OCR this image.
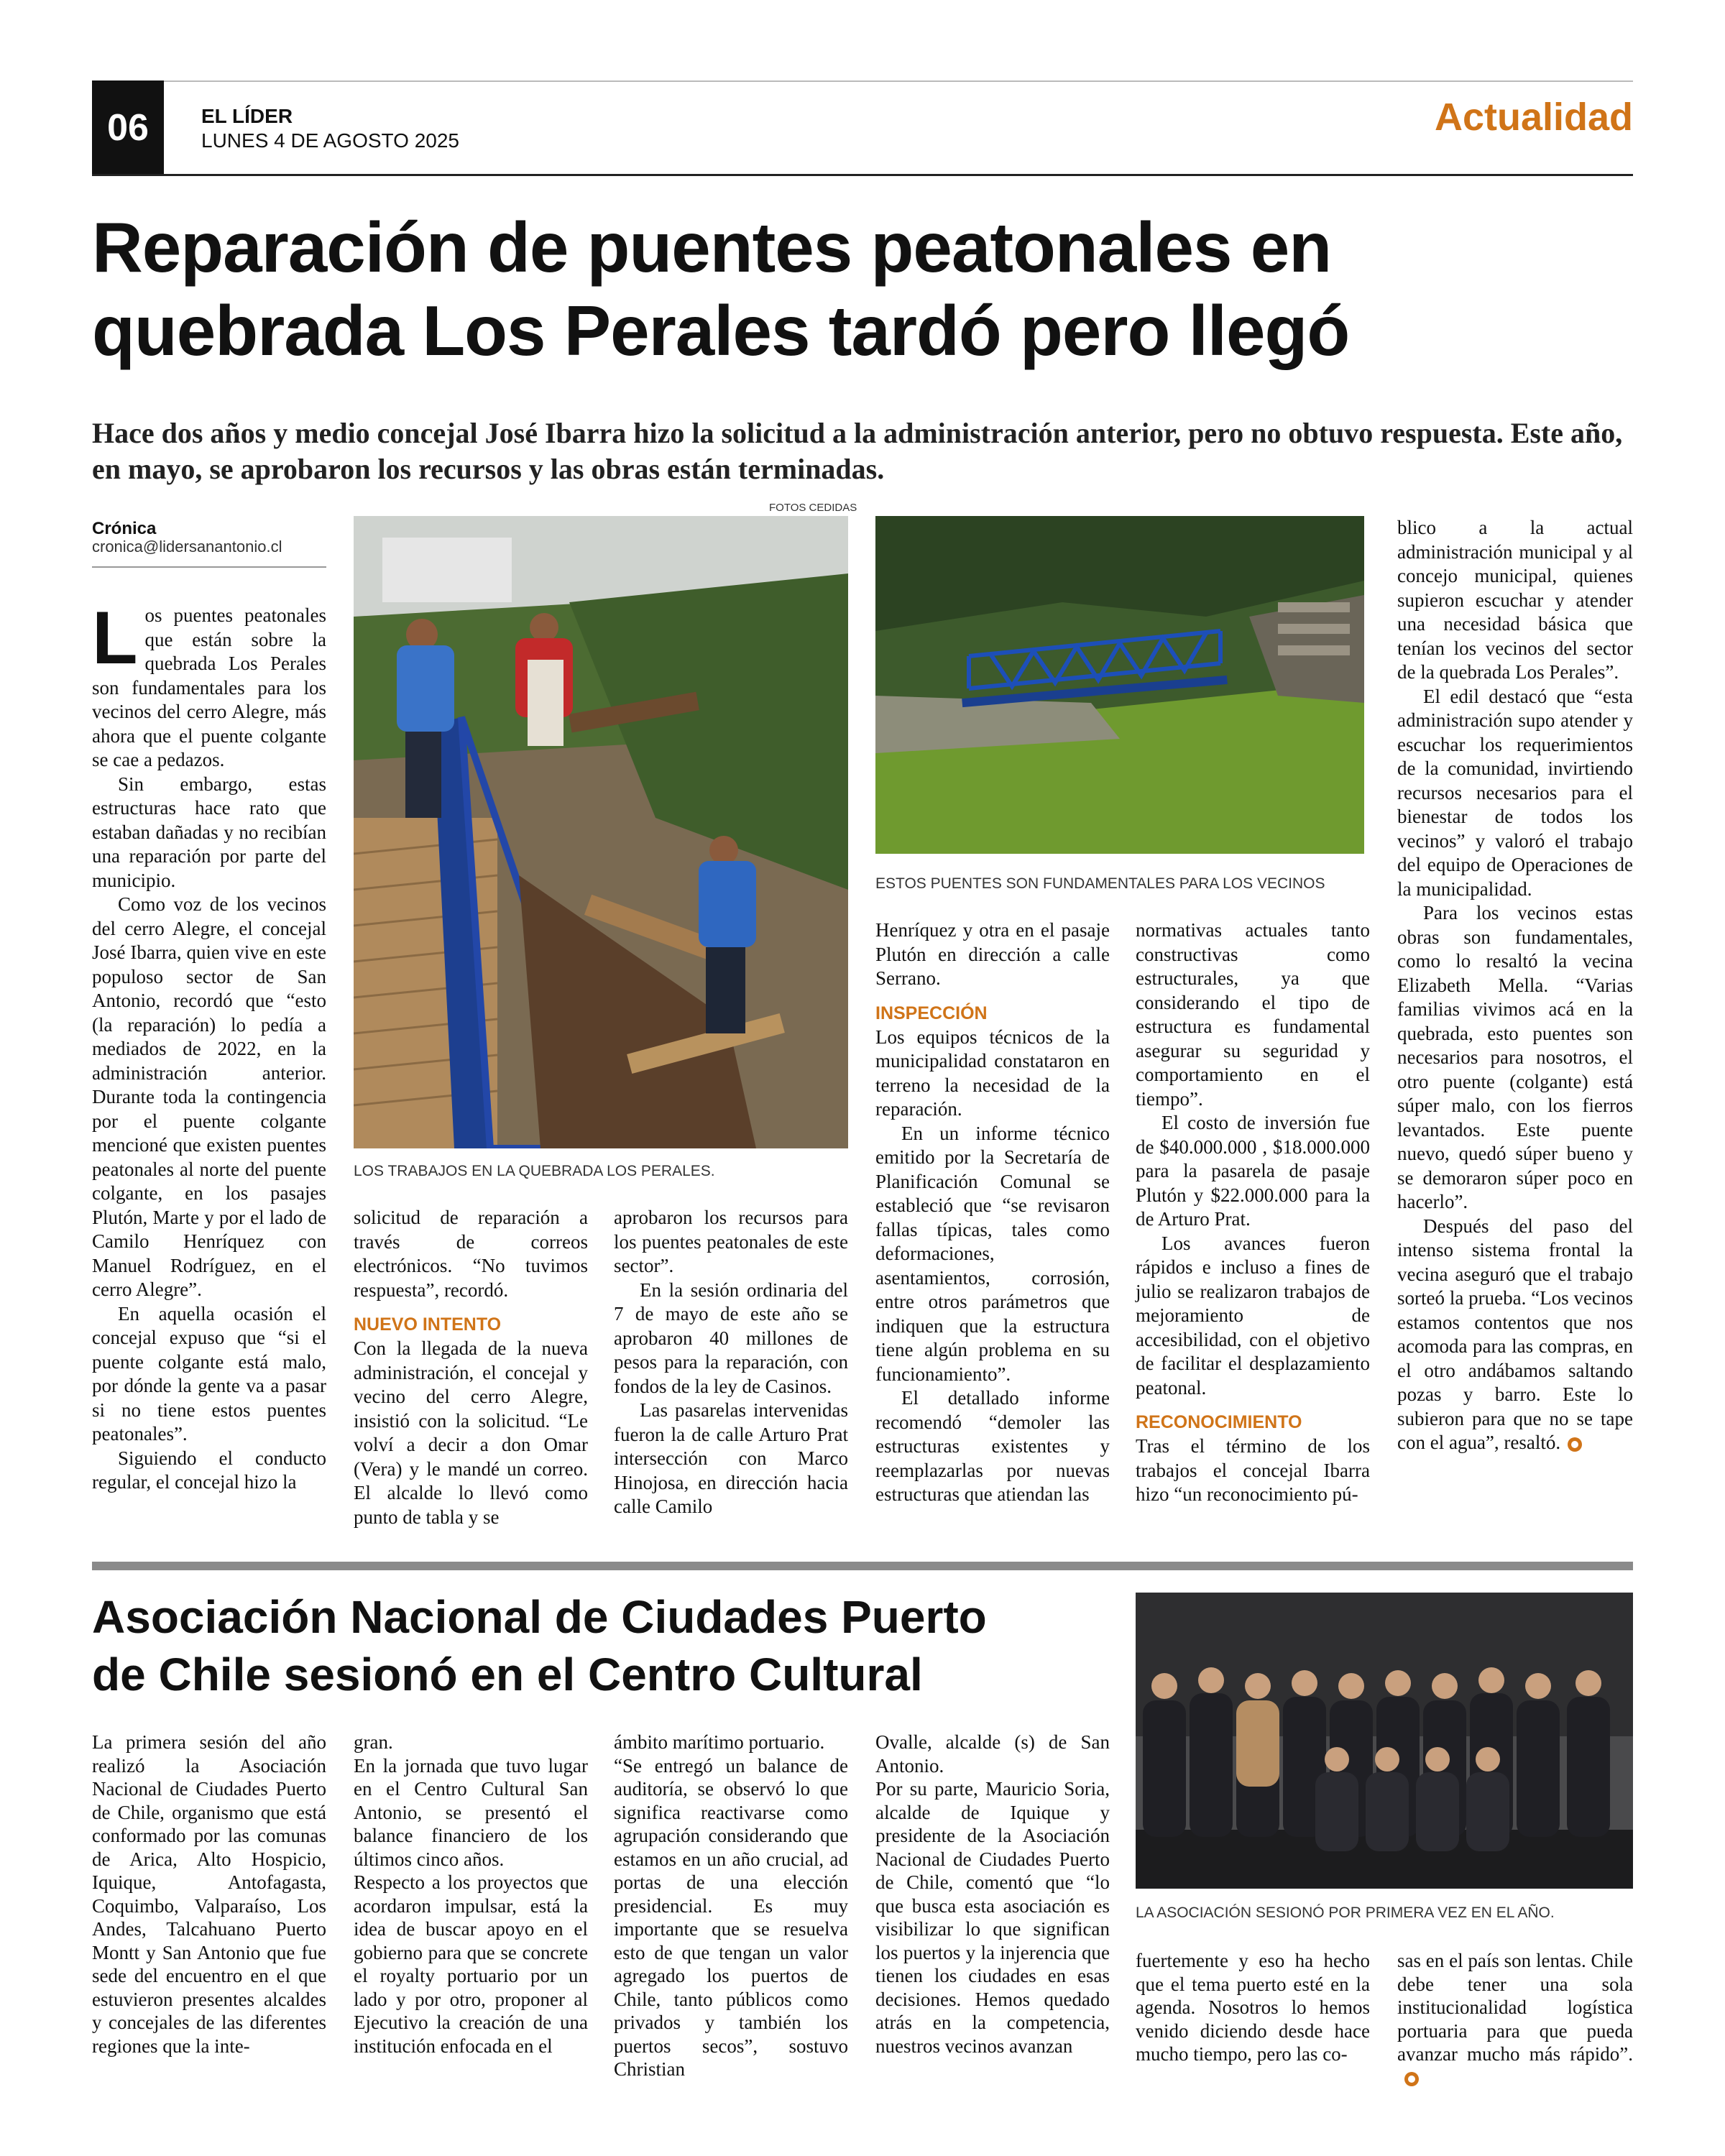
06	EL LÍDER
LUNES 4 DE AGOSTO 2025
Actualidad
Reparación de puentes peatonales en
quebrada Los Perales tardó pero llegó
Hace dos años y medio concejal José Ibarra hizo la solicitud a la administración anterior, pero no obtuvo respuesta. Este año, en mayo, se aprobaron los recursos y las obras están terminadas.
Crónica
cronica@lidersanantonio.cl

Los puentes peatonales que están sobre la quebrada Los Perales son fundamentales para los vecinos del cerro Alegre, más ahora que el puente colgante se cae a pedazos.

Sin embargo, estas estructuras hace rato que estaban dañadas y no recibían una reparación por parte del municipio.

Como voz de los vecinos del cerro Alegre, el concejal José Ibarra, quien vive en este populoso sector de San Antonio, recordó que “esto (la reparación) lo pedía a mediados de 2022, en la administración anterior. Durante toda la contingencia por el puente colgante mencioné que existen puentes peatonales al norte del puente colgante, en los pasajes Plutón, Marte y por el lado de Camilo Henríquez con Manuel Rodríguez, en el cerro Alegre”.

En aquella ocasión el concejal expuso que “si el puente colgante está malo, por dónde la gente va a pasar si no tiene estos puentes peatonales”.

Siguiendo el conducto regular, el concejal hizo la

FOTOS CEDIDAS
LOS TRABAJOS EN LA QUEBRADA LOS PERALES.
ESTOS PUENTES SON FUNDAMENTALES PARA LOS VECINOS

solicitud de reparación a través de correos electrónicos. “No tuvimos respuesta”, recordó.

NUEVO INTENTO

Con la llegada de la nueva administración, el concejal y vecino del cerro Alegre, insistió con la solicitud. “Le volví a decir a don Omar (Vera) y le mandé un correo. El alcalde lo llevó como punto de tabla y se

aprobaron los recursos para los puentes peatonales de este sector”.

En la sesión ordinaria del 7 de mayo de este año se aprobaron 40 millones de pesos para la reparación, con fondos de la ley de Casinos.

Las pasarelas intervenidas fueron la de calle Arturo Prat intersección con Marco Hinojosa, en dirección hacia calle Camilo

Henríquez y otra en el pasaje Plutón en dirección a calle Serrano.

INSPECCIÓN

Los equipos técnicos de la municipalidad constataron en terreno la necesidad de la reparación.

En un informe técnico emitido por la Secretaría de Planificación Comunal se estableció que “se revisaron fallas típicas, tales como deformaciones, asentamientos, corrosión, entre otros parámetros que indiquen que la estructura tiene algún problema en su funcionamiento”.

El detallado informe recomendó “demoler las estructuras existentes y reemplazarlas por nuevas estructuras que atiendan las

normativas actuales tanto constructivas como estructurales, ya que considerando el tipo de estructura es fundamental asegurar su seguridad y comportamiento en el tiempo”.

El costo de inversión fue de $40.000.000 , $18.000.000 para la pasarela de pasaje Plutón y $22.000.000 para la de Arturo Prat.

Los avances fueron rápidos e incluso a fines de julio se realizaron trabajos de mejoramiento de accesibilidad, con el objetivo de facilitar el desplazamiento peatonal.

RECONOCIMIENTO

Tras el término de los trabajos el concejal Ibarra hizo “un reconocimiento pú-

blico a la actual administración municipal y al concejo municipal, quienes supieron escuchar y atender una necesidad básica que tenían los vecinos del sector de la quebrada Los Perales”.

El edil destacó que “esta administración supo atender y escuchar los requerimientos de la comunidad, invirtiendo recursos necesarios para el bienestar de todos los vecinos” y valoró el trabajo del equipo de Operaciones de la municipalidad.

Para los vecinos estas obras son fundamentales, como lo resaltó la vecina Elizabeth Mella. “Varias familias vivimos acá en la quebrada, esto puentes son necesarios para nosotros, el otro puente (colgante) está súper malo, con los fierros levantados. Este puente nuevo, quedó súper bueno y se demoraron súper poco en hacerlo”.

Después del paso del intenso sistema frontal la vecina aseguró que el trabajo sorteó la prueba. “Los vecinos estamos contentos que nos acomoda para las compras, en el otro andábamos saltando pozas y barro. Este lo subieron para que no se tape con el agua”, resaltó.

Asociación Nacional de Ciudades Puerto
de Chile sesionó en el Centro Cultural
LA ASOCIACIÓN SESIONÓ POR PRIMERA VEZ EN EL AÑO.

La primera sesión del año realizó la Asociación Nacional de Ciudades Puerto de Chile, organismo que está conformado por las comunas de Arica, Alto Hospicio, Iquique, Antofagasta, Coquimbo, Valparaíso, Los Andes, Talcahuano Puerto Montt y San Antonio que fue sede del encuentro en el que estuvieron presentes alcaldes y concejales de las diferentes regiones que la inte-

gran.

En la jornada que tuvo lugar en el Centro Cultural San Antonio, se presentó el balance financiero de los últimos cinco años.

Respecto a los proyectos que acordaron impulsar, está la idea de buscar apoyo en el gobierno para que se concrete el royalty portuario por un lado y por otro, proponer al Ejecutivo la creación de una institución enfocada en el

ámbito marítimo portuario.

“Se entregó un balance de auditoría, se observó lo que significa reactivarse como agrupación considerando que estamos en un año crucial, ad portas de una elección presidencial. Es muy importante que se resuelva esto de que tengan un valor agregado los puertos de Chile, tanto públicos como privados y también los puertos secos”, sostuvo Christian

Ovalle, alcalde (s) de San Antonio.

Por su parte, Mauricio Soria, alcalde de Iquique y presidente de la Asociación Nacional de Ciudades Puerto de Chile, comentó que “lo que busca esta asociación es visibilizar lo que significan los puertos y la injerencia que tienen los ciudades en esas decisiones. Hemos quedado atrás en la competencia, nuestros vecinos avanzan

fuertemente y eso ha hecho que el tema puerto esté en la agenda. Nosotros lo hemos venido diciendo desde hace mucho tiempo, pero las co-

sas en el país son lentas. Chile debe tener una sola institucionalidad logística portuaria para que pueda avanzar mucho más rápido”.
